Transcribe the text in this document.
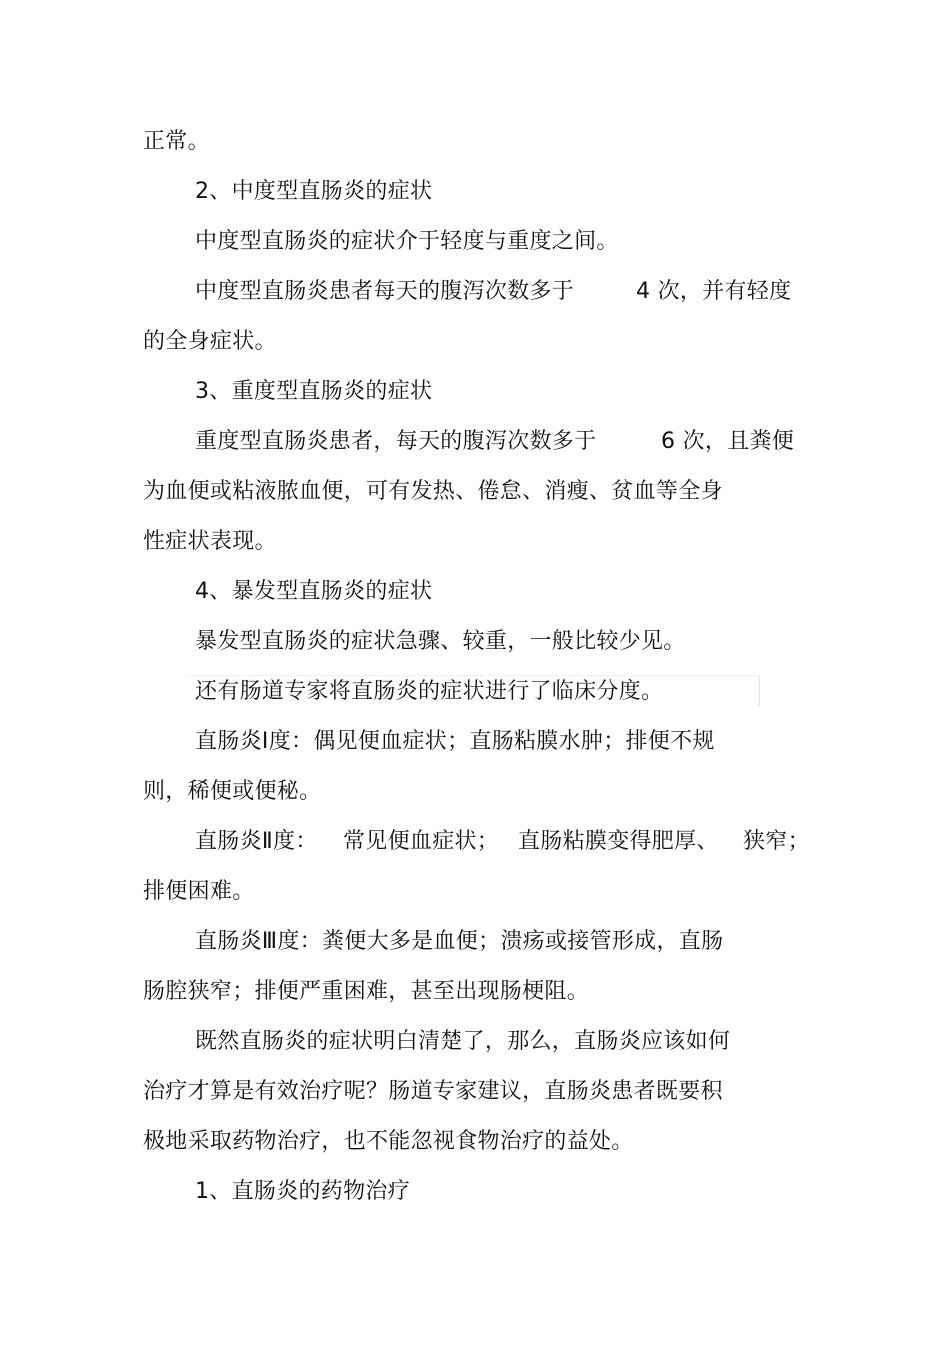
正常。

2、中度型直肠炎的症状

中度型直肠炎的症状介于轻度与重度之间。

中度型直肠炎患者每天的腹泻次数多于

	4 次，并有轻度

的全身症状。

3、重度型直肠炎的症状

重度型直肠炎患者，每天的腹泻次数多于

	6 次，且粪便

为血便或粘液脓血便，可有发热、倦怠、消瘦、贫血等全身

性症状表现。

4、暴发型直肠炎的症状

暴发型直肠炎的症状急骤、较重，一般比较少见。

还有肠道专家将直肠炎的症状进行了临床分度。

直肠炎Ⅰ度：偶见便血症状；直肠粘膜水肿；排便不规

则，稀便或便秘。

直肠炎Ⅱ度：

常见便血症状；

直肠粘膜变得肥厚、

狭窄；

排便困难。

直肠炎Ⅲ度：粪便大多是血便；溃疡或接管形成，直肠

肠腔狭窄；排便严重困难，甚至出现肠梗阻。

既然直肠炎的症状明白清楚了，那么，直肠炎应该如何

治疗才算是有效治疗呢？肠道专家建议，直肠炎患者既要积

极地采取药物治疗，也不能忽视食物治疗的益处。

1、直肠炎的药物治疗
